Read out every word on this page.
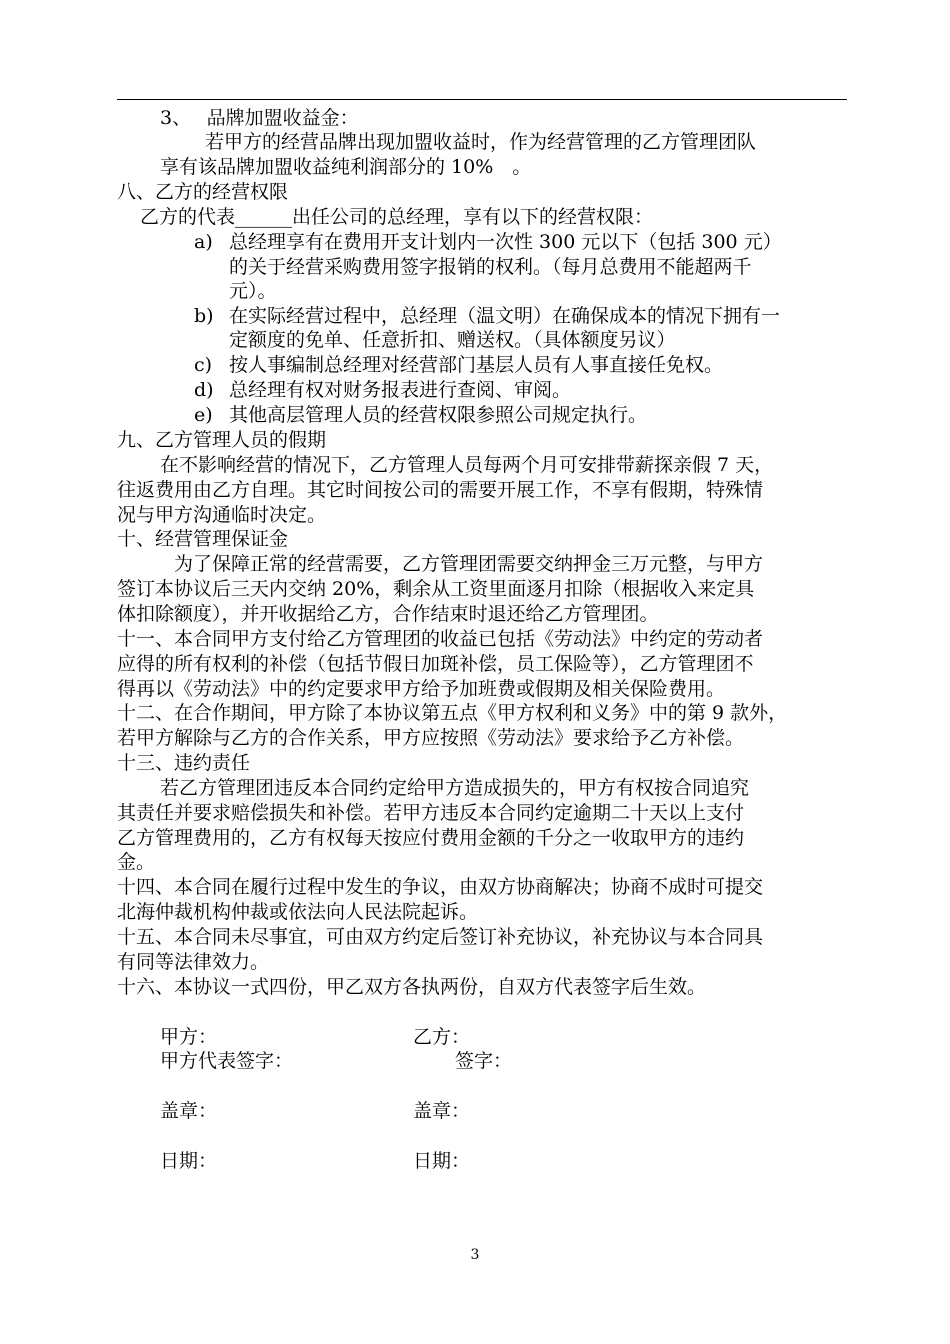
3、　 品牌加盟收益金：
若甲方的经营品牌出现加盟收益时，作为经营管理的乙方管理团队
享有该品牌加盟收益纯利润部分的 10%　。
八、乙方的经营权限
乙方的代表______出任公司的总经理，享有以下的经营权限：
a) 总经理享有在费用开支计划内一次性 300 元以下（包括 300 元）
的关于经营采购费用签字报销的权利。（每月总费用不能超两千
元）。
b) 在实际经营过程中，总经理（温文明）在确保成本的情况下拥有一
定额度的免单、任意折扣、赠送权。（具体额度另议）
c) 按人事编制总经理对经营部门基层人员有人事直接任免权。
d) 总经理有权对财务报表进行查阅、审阅。
e) 其他高层管理人员的经营权限参照公司规定执行。
九、乙方管理人员的假期
在不影响经营的情况下，乙方管理人员每两个月可安排带薪探亲假 7 天，
往返费用由乙方自理。其它时间按公司的需要开展工作，不享有假期，特殊情
况与甲方沟通临时决定。
十、经营管理保证金
为了保障正常的经营需要，乙方管理团需要交纳押金三万元整，与甲方
签订本协议后三天内交纳 20%，剩余从工资里面逐月扣除（根据收入来定具
体扣除额度），并开收据给乙方，合作结束时退还给乙方管理团。
十一、本合同甲方支付给乙方管理团的收益已包括《劳动法》中约定的劳动者
应得的所有权利的补偿（包括节假日加斑补偿，员工保险等），乙方管理团不
得再以《劳动法》中的约定要求甲方给予加班费或假期及相关保险费用。
十二、在合作期间，甲方除了本协议第五点《甲方权利和义务》中的第 9 款外，
若甲方解除与乙方的合作关系，甲方应按照《劳动法》要求给予乙方补偿。
十三、违约责任
若乙方管理团违反本合同约定给甲方造成损失的，甲方有权按合同追究
其责任并要求赔偿损失和补偿。若甲方违反本合同约定逾期二十天以上支付
乙方管理费用的，乙方有权每天按应付费用金额的千分之一收取甲方的违约
金。
十四、本合同在履行过程中发生的争议，由双方协商解决；协商不成时可提交
北海仲裁机构仲裁或依法向人民法院起诉。
十五、本合同未尽事宜，可由双方约定后签订补充协议，补充协议与本合同具
有同等法律效力。
十六、本协议一式四份，甲乙双方各执两份，自双方代表签字后生效。
甲方：	乙方：
甲方代表签字：	签字：
盖章：	盖章：
日期：	日期：
3
